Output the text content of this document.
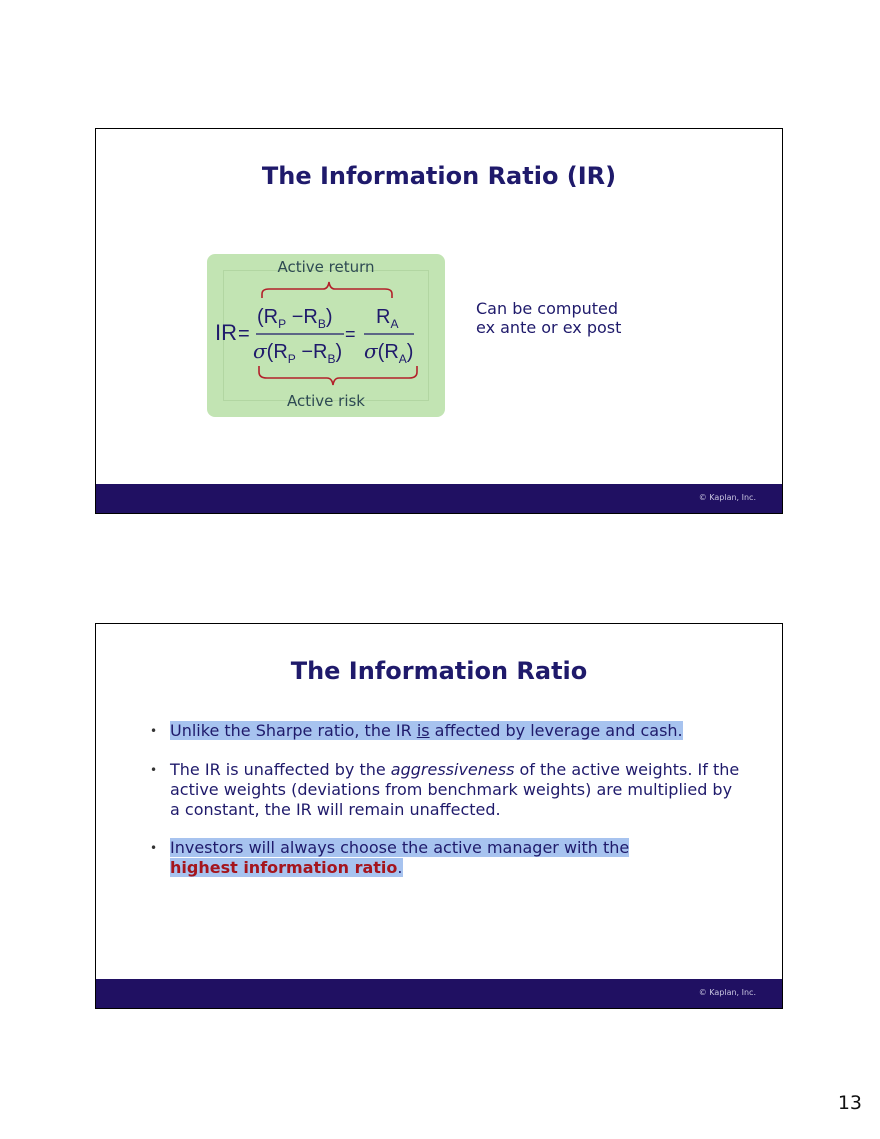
The Information Ratio (IR)
Active return
Active risk
IR =
$(R_P -R_B)$
$\sigma(R_P -R_B)$
=
$R_A$
$\sigma(R_A)$
Can be computed
ex ante or ex post
© Kaplan, Inc.
The Information Ratio
• Unlike the Sharpe ratio, the IR is affected by leverage and cash.
• The IR is unaffected by the aggressiveness of the active weights. If the active weights (deviations from benchmark weights) are multiplied by a constant, the IR will remain unaffected.
• Investors will always choose the active manager with the
highest information ratio.
© Kaplan, Inc.
13
